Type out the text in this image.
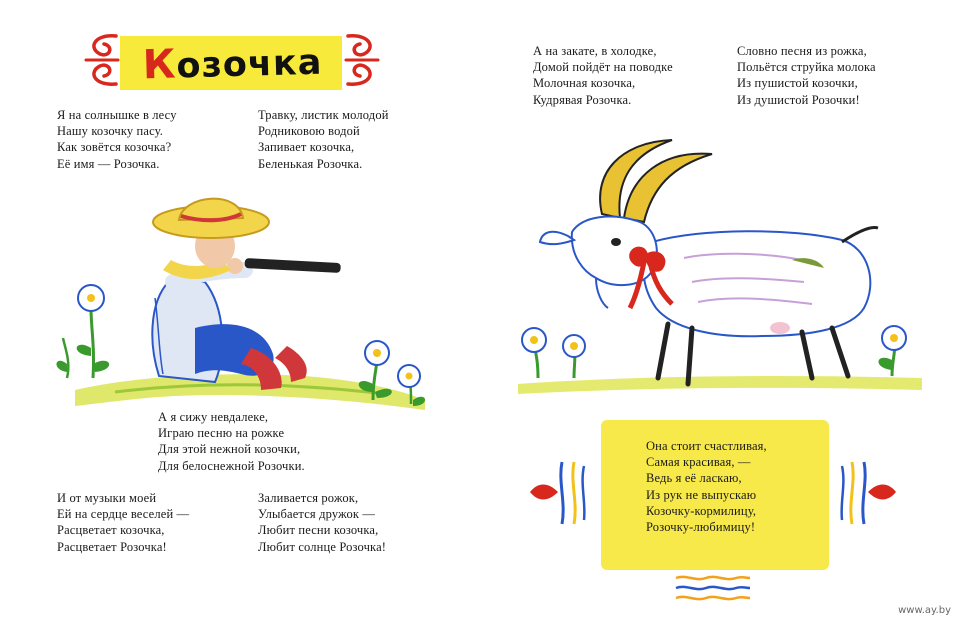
Козочка

Я на солнышке в лесу
Нашу козочку пасу.
Как зовётся козочка?
Её имя — Розочка.

Травку, листик молодой
Родниковою водой
Запивает козочка,
Беленькая Розочка.

А я сижу невдалеке,
Играю песню на рожке
Для этой нежной козочки,
Для белоснежной Розочки.

И от музыки моей
Ей на сердце веселей —
Расцветает козочка,
Расцветает Розочка!

Заливается рожок,
Улыбается дружок —
Любит песни козочка,
Любит солнце Розочка!

А на закате, в холодке,
Домой пойдёт на поводке
Молочная козочка,
Кудрявая Розочка.

Словно песня из рожка,
Польётся струйка молока
Из пушистой козочки,
Из душистой Розочки!

Она стоит счастливая,
Самая красивая, —
Ведь я её ласкаю,
Из рук не выпускаю
Козочку-кормилицу,
Розочку-любимицу!

www.ay.by
